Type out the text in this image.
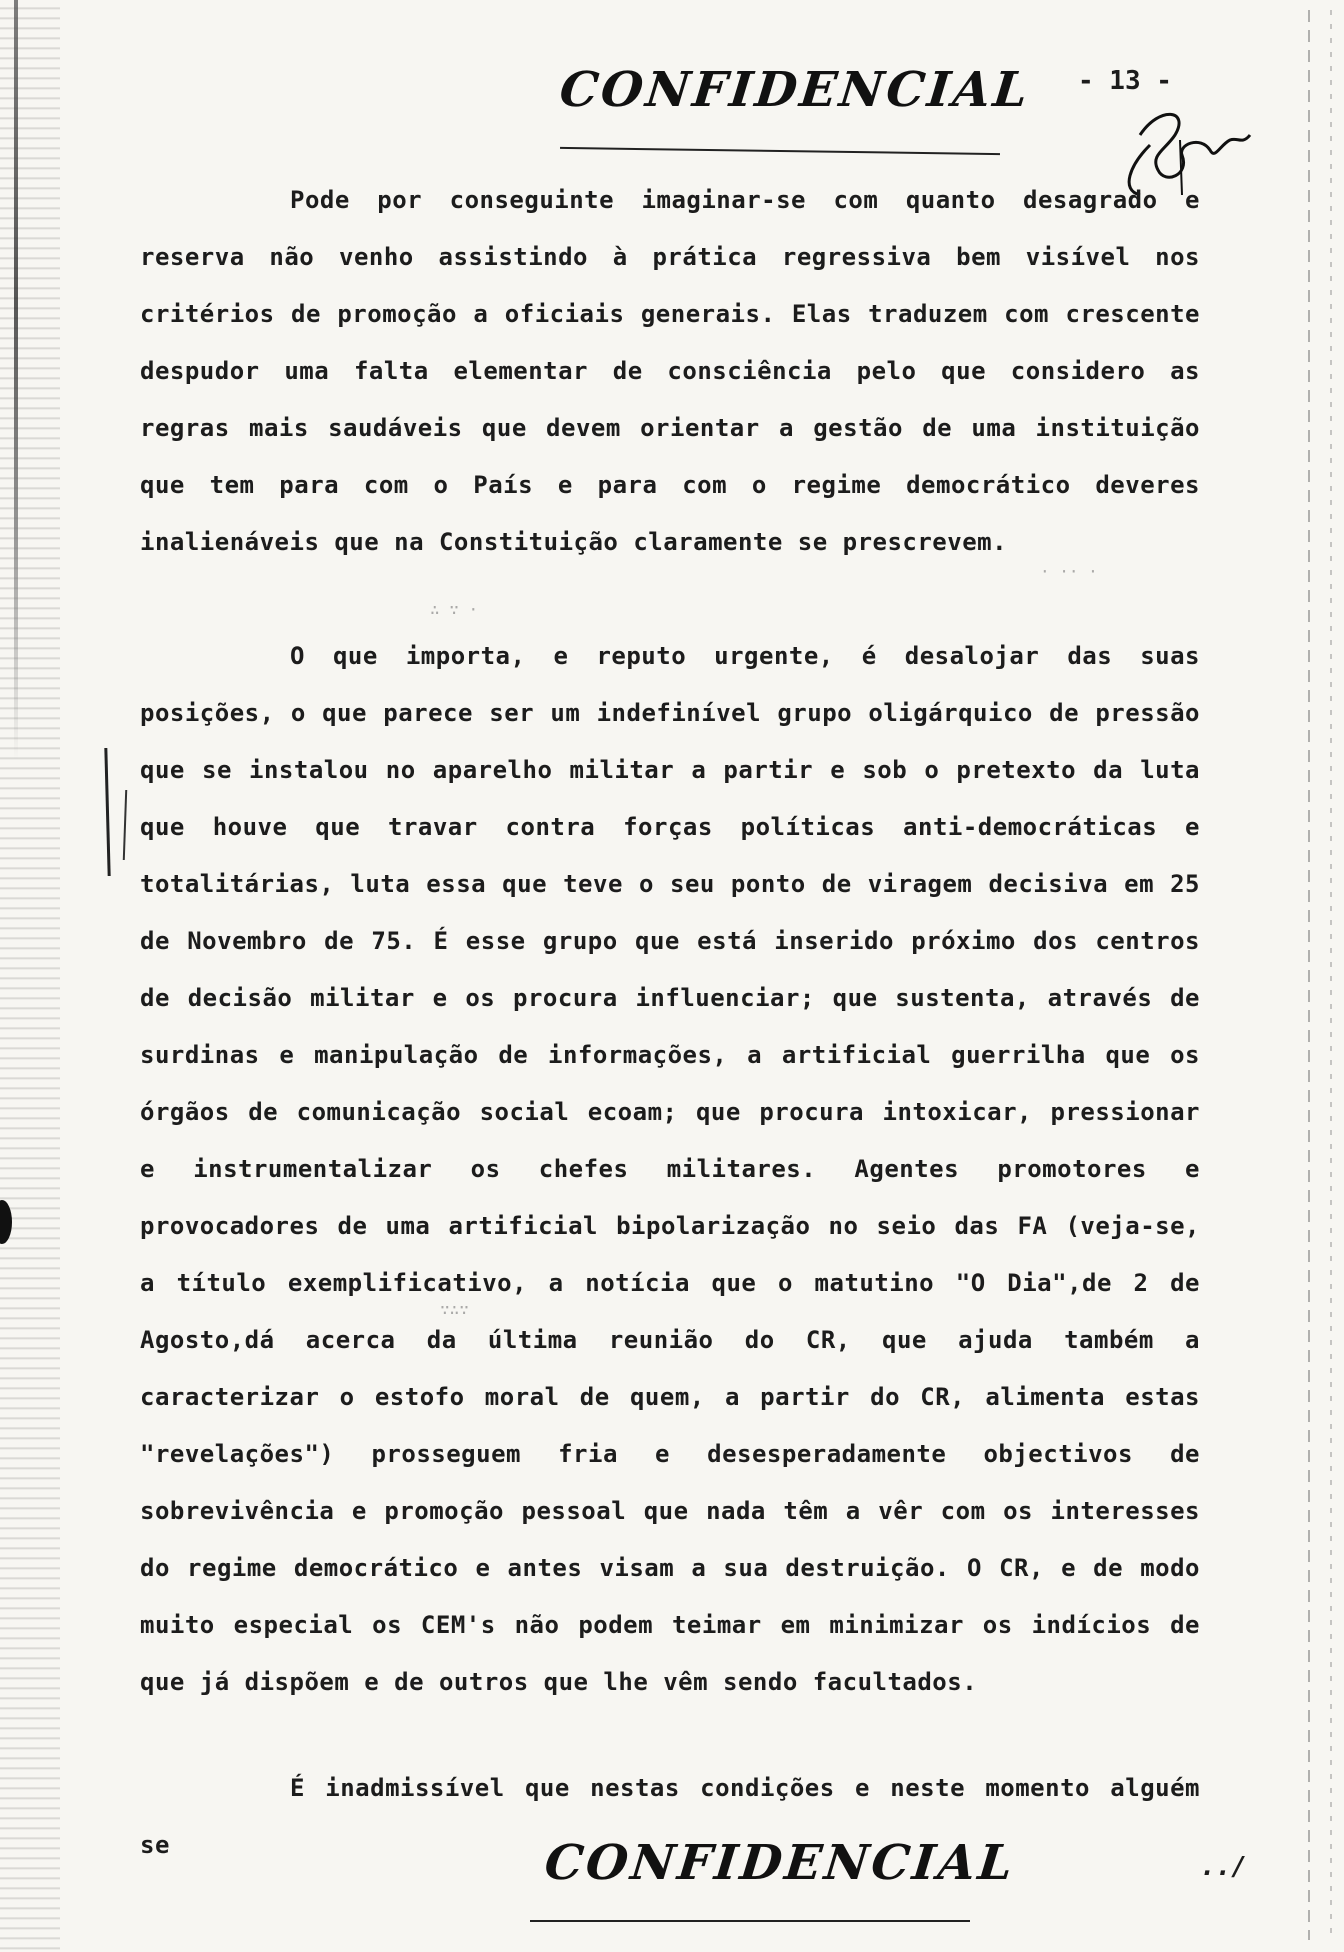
CONFIDENCIAL - 13 -

Pode por conseguinte imaginar-se com quanto desagrado e reserva não venho assistindo à prática regressiva bem visível nos critérios de promoção a oficiais generais. Elas traduzem com crescente despudor uma falta elementar de consciência pelo que considero as regras mais saudáveis que devem orientar a gestão de uma instituição que tem para com o País e para com o regime democrático deveres inalienáveis que na Constituição claramente se prescrevem.

O que importa, e reputo urgente, é desalojar das suas posições, o que parece ser um indefinível grupo oligárquico de pressão que se instalou no aparelho militar a partir e sob o pretexto da luta que houve que travar contra forças políticas anti-democráticas e totalitárias, luta essa que teve o seu ponto de viragem decisiva em 25 de Novembro de 75. É esse grupo que está inserido próximo dos centros de decisão militar e os procura influenciar; que sustenta, através de surdinas e manipulação de informações, a artificial guerrilha que os órgãos de comunicação social ecoam; que procura intoxicar, pressionar e instrumentalizar os chefes militares. Agentes promotores e provocadores de uma artificial bipolarização no seio das FA (veja-se, a título exemplificativo, a notícia que o matutino "O Dia",de 2 de Agosto,dá acerca da última reunião do CR, que ajuda também a caracterizar o estofo moral de quem, a partir do CR, alimenta estas "revelações") prosseguem fria e desesperadamente objectivos de sobrevivência e promoção pessoal que nada têm a vêr com os interesses do regime democrático e antes visam a sua destruição. O CR, e de modo muito especial os CEM's não podem teimar em minimizar os indícios de que já dispõem e de outros que lhe vêm sendo facultados.

É inadmissível que nestas condições e neste momento alguém se

∴ ∵ ·
· ·· ·
∵∴∵
CONFIDENCIAL	../
